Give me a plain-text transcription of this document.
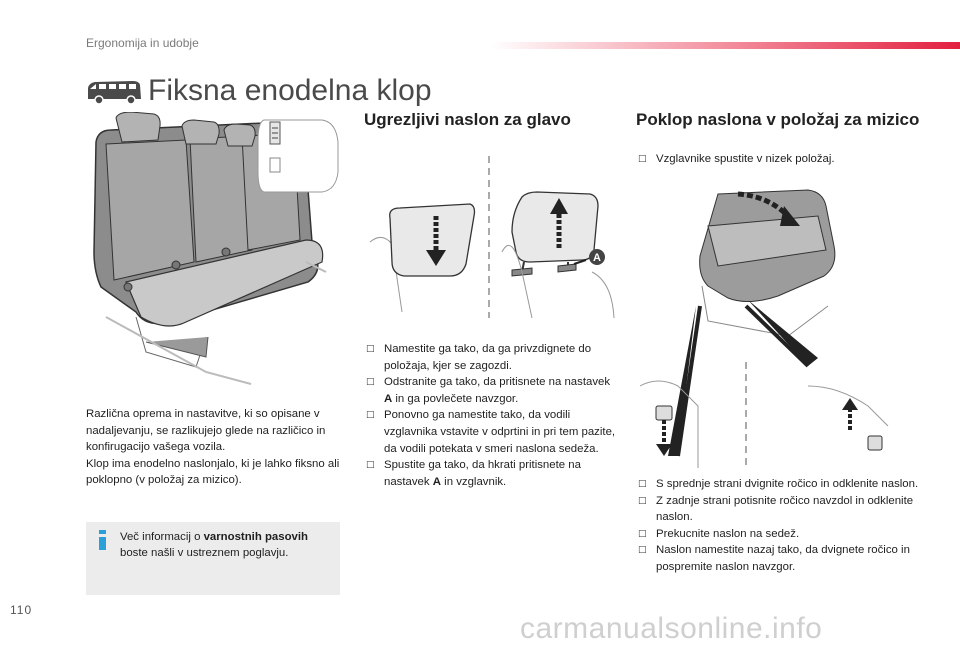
Ergonomija in udobje
Fiksna enodelna klop

Različna oprema in nastavitve, ki so opisane v nadaljevanju, se razlikujejo glede na različico in konfirugacijo vašega vozila.

Klop ima enodelno naslonjalo, ki je lahko fiksno ali poklopno (v položaj za mizico).

Več informacij o varnostnih pasovih boste našli v ustreznem poglavju.
Ugrezljivi naslon za glavo
A
□ Namestite ga tako, da ga privzdignete do položaja, kjer se zagozdi.
□ Odstranite ga tako, da pritisnete na nastavek A in ga povlečete navzgor.
□ Ponovno ga namestite tako, da vodili vzglavnika vstavite v odprtini in pri tem pazite, da vodili potekata v smeri naslona sedeža.
□ Spustite ga tako, da hkrati pritisnete na nastavek A in vzglavnik.
Poklop naslona v položaj za mizico
□ Vzglavnike spustite v nizek položaj.
□ S sprednje strani dvignite ročico in odklenite naslon.
□ Z zadnje strani potisnite ročico navzdol in odklenite naslon.
□ Prekucnite naslon na sedež.
□ Naslon namestite nazaj tako, da dvignete ročico in pospremite naslon navzgor.
110
carmanualsonline.info
